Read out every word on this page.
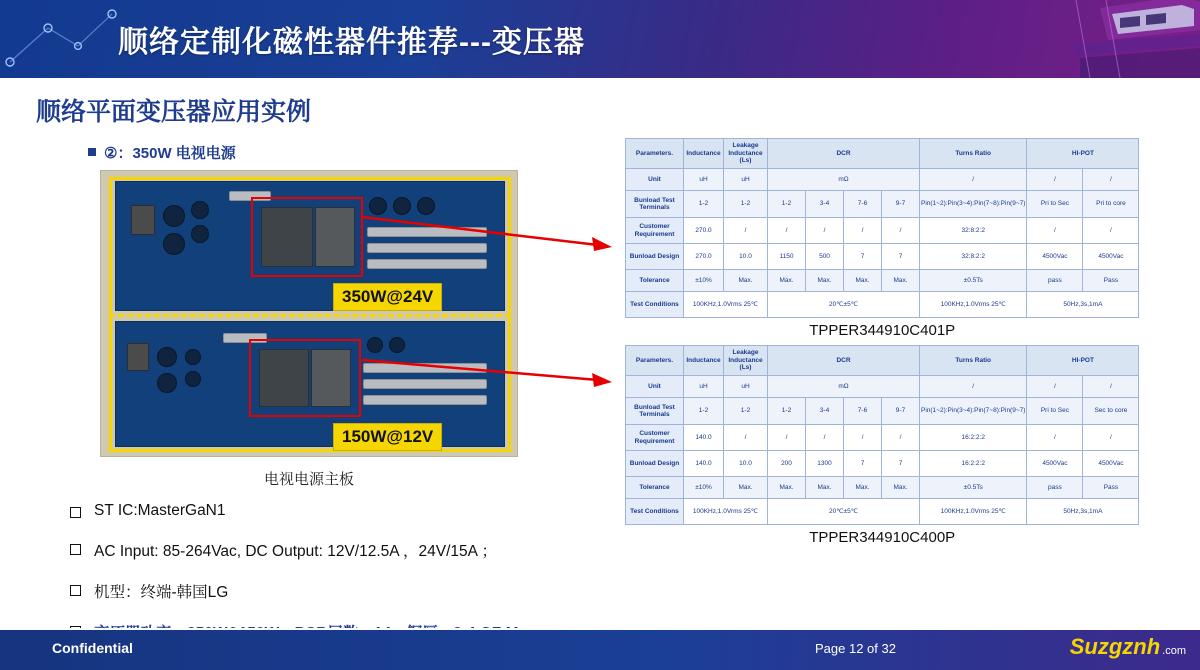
顺络定制化磁性器件推荐---变压器
顺络平面变压器应用实例
②：350W 电视电源
350W@24V
150W@12V
电视电源主板
ST IC:MasterGaN1
AC Input: 85-264Vac, DC Output: 12V/12.5A ，24V/15A ；
机型：终端-韩国LG
Parameters.	Inductance	Leakage Inductance (Ls)	DCR				Turns Ratio	HI-POT	
Unit	uH	uH	mΩ				/	/	/
Bunload Test Terminals	1-2	1-2	1-2	3-4	7-6	9-7	Pin(1~2):Pin(3~4):Pin(7~8):Pin(9~7)	Pri to Sec	Pri to core
Customer Requirement	270.0	/	/	/	/	/	32:8:2:2	/	/
Bunload Design	270.0	10.0	1150	500	7	7	32:8:2:2	4500Vac	4500Vac
Tolerance	±10%	Max.	Max.	Max.	Max.	Max.	±0.5Ts	pass	Pass
Test Conditions	100KHz,1.0Vrms 25℃		20℃±5℃				100KHz,1.0Vrms 25℃	50Hz,3s,1mA	
TPPER344910C401P
Parameters.	Inductance	Leakage Inductance (Ls)	DCR				Turns Ratio	HI-POT	
Unit	uH	uH	mΩ				/	/	/
Bunload Test Terminals	1-2	1-2	1-2	3-4	7-6	9-7	Pin(1~2):Pin(3~4):Pin(7~8):Pin(9~7)	Pri to Sec	Sec to core
Customer Requirement	140.0	/	/	/	/	/	16:2:2:2	/	/
Bunload Design	140.0	10.0	200	1300	7	7	16:2:2:2	4500Vac	4500Vac
Tolerance	±10%	Max.	Max.	Max.	Max.	Max.	±0.5Ts	pass	Pass
Test Conditions	100KHz,1.0Vrms 25℃		20℃±5℃				100KHz,1.0Vrms 25℃	50Hz,3s,1mA	
TPPER344910C400P
Confidential	Page 12 of 32	Suzgznh .com
